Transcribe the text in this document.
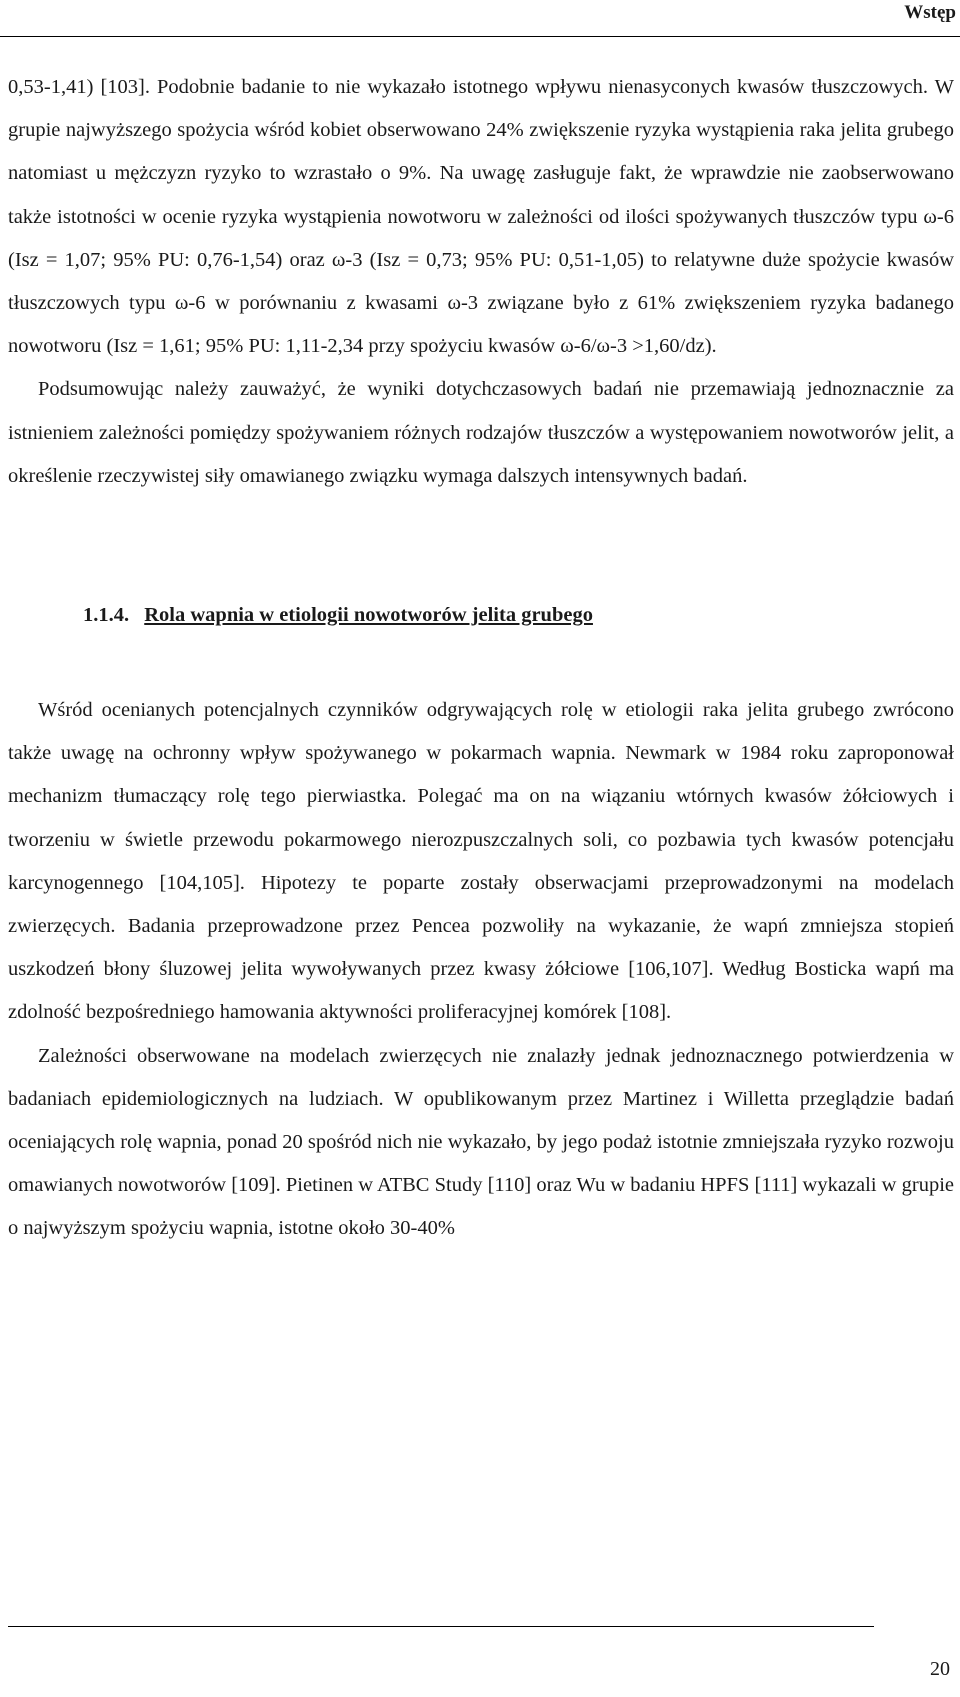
Wstęp

0,53-1,41) [103]. Podobnie badanie to nie wykazało istotnego wpływu nienasyconych kwasów tłuszczowych. W grupie najwyższego spożycia wśród kobiet obserwowano 24% zwiększenie ryzyka wystąpienia raka jelita grubego natomiast u mężczyzn ryzyko to wzrastało o 9%. Na uwagę zasługuje fakt, że wprawdzie nie zaobserwowano także istotności w ocenie ryzyka wystąpienia nowotworu w zależności od ilości spożywanych tłuszczów typu ω-6 (Isz = 1,07; 95% PU: 0,76-1,54) oraz ω-3 (Isz = 0,73; 95% PU: 0,51-1,05) to relatywne duże spożycie kwasów tłuszczowych typu ω-6 w porównaniu z kwasami ω-3 związane było z 61% zwiększeniem ryzyka badanego nowotworu (Isz = 1,61; 95% PU: 1,11-2,34 przy spożyciu kwasów ω-6/ω-3 >1,60/dz).

Podsumowując należy zauważyć, że wyniki dotychczasowych badań nie przemawiają jednoznacznie za istnieniem zależności pomiędzy spożywaniem różnych rodzajów tłuszczów a występowaniem nowotworów jelit, a określenie rzeczywistej siły omawianego związku wymaga dalszych intensywnych badań.

1.1.4. Rola wapnia w etiologii nowotworów jelita grubego

Wśród ocenianych potencjalnych czynników odgrywających rolę w etiologii raka jelita grubego zwrócono także uwagę na ochronny wpływ spożywanego w pokarmach wapnia. Newmark w 1984 roku zaproponował mechanizm tłumaczący rolę tego pierwiastka. Polegać ma on na wiązaniu wtórnych kwasów żółciowych i tworzeniu w świetle przewodu pokarmowego nierozpuszczalnych soli, co pozbawia tych kwasów potencjału karcynogennego [104,105]. Hipotezy te poparte zostały obserwacjami przeprowadzonymi na modelach zwierzęcych. Badania przeprowadzone przez Pencea pozwoliły na wykazanie, że wapń zmniejsza stopień uszkodzeń błony śluzowej jelita wywoływanych przez kwasy żółciowe [106,107]. Według Bosticka wapń ma zdolność bezpośredniego hamowania aktywności proliferacyjnej komórek [108].

Zależności obserwowane na modelach zwierzęcych nie znalazły jednak jednoznacznego potwierdzenia w badaniach epidemiologicznych na ludziach. W opublikowanym przez Martinez i Willetta przeglądzie badań oceniających rolę wapnia, ponad 20 spośród nich nie wykazało, by jego podaż istotnie zmniejszała ryzyko rozwoju omawianych nowotworów [109]. Pietinen w ATBC Study [110] oraz Wu w badaniu HPFS [111] wykazali w grupie o najwyższym spożyciu wapnia, istotne około 30-40%

20
